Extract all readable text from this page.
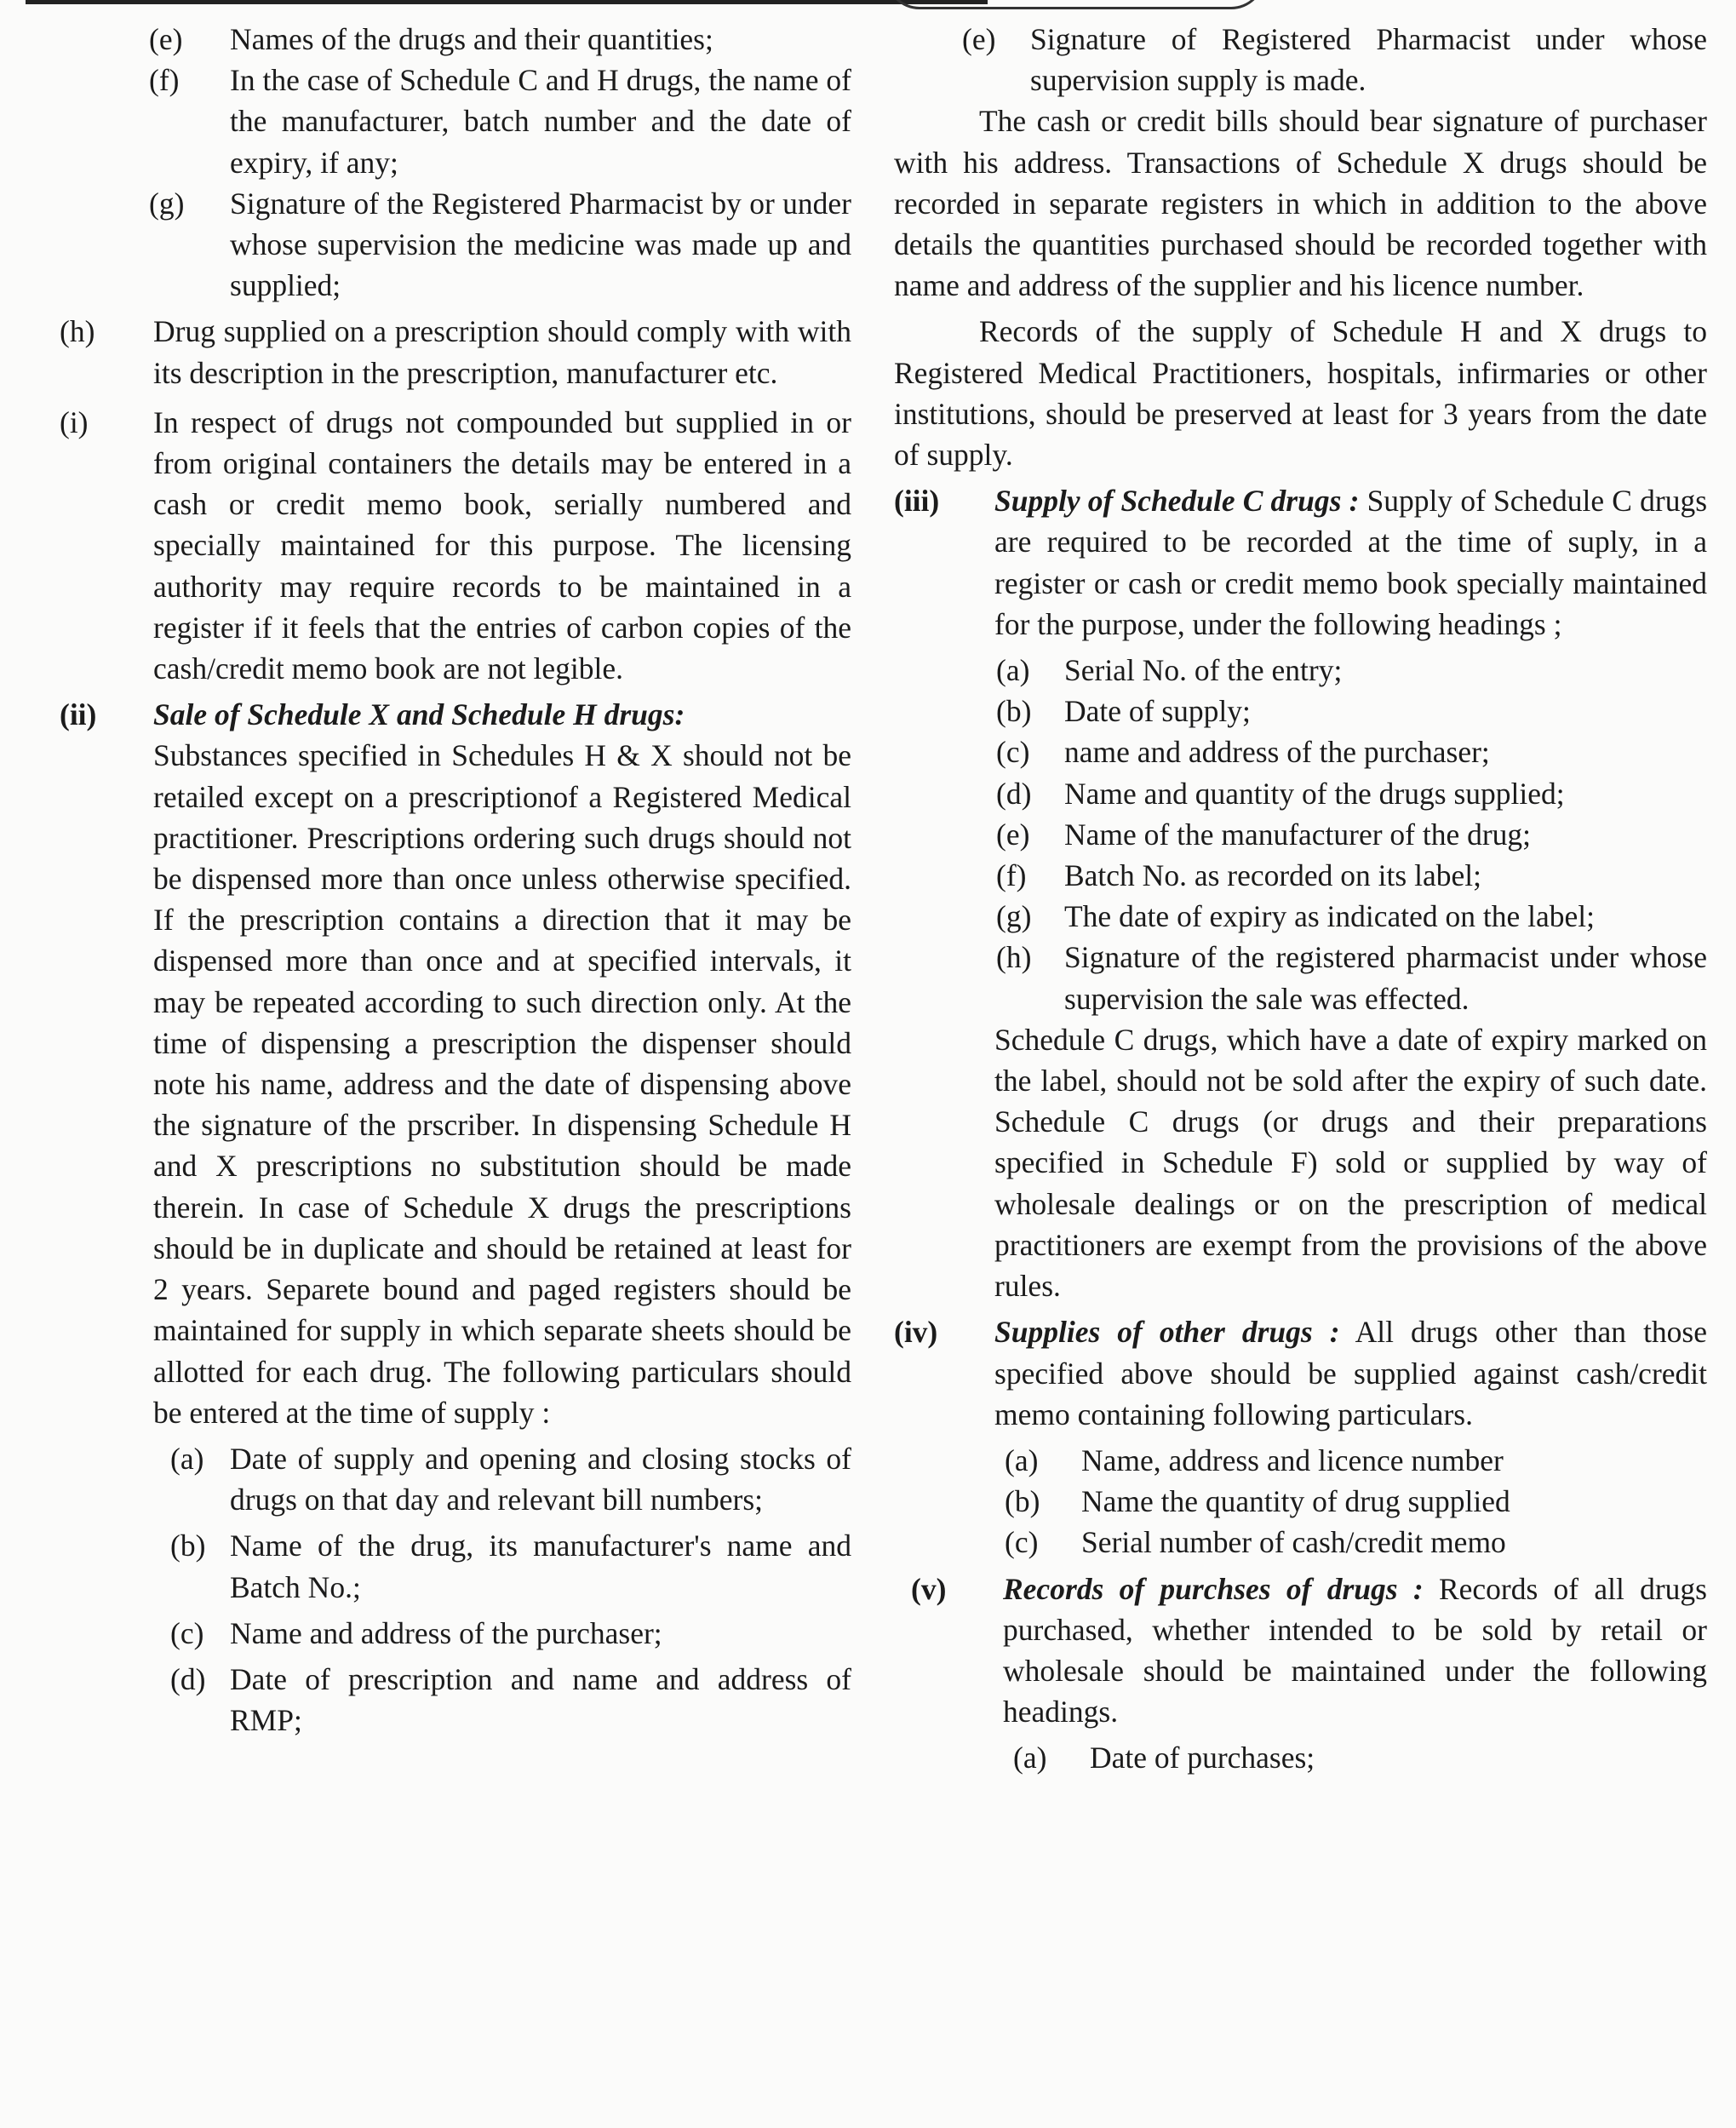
(e)	Names of the drugs and their quantities;
(f)	In the case of Schedule C and H drugs, the name of the manufacturer, batch number and the date of expiry, if any;
(g)	Signature of the Registered Pharmacist by or under whose supervision the medicine was made up and supplied;
(h)	Drug supplied on a prescription should comply with with its description in the prescription, manufacturer etc.
(i)	In respect of drugs not compounded but supplied in or from original containers the details may be entered in a cash or credit memo book, serially numbered and specially maintained for this purpose. The licensing authority may require records to be maintained in a register if it feels that the entries of carbon copies of the cash/credit memo book are not legible.
(ii)	Sale of Schedule X and Schedule H drugs:
Substances specified in Schedules H & X should not be retailed except on a prescriptionof a Registered Medical practitioner. Prescriptions ordering such drugs should not be dispensed more than once unless otherwise specified. If the prescription contains a direction that it may be dispensed more than once and at specified intervals, it may be repeated according to such direction only. At the time of dispensing a prescription the dispenser should note his name, address and the date of dispensing above the signature of the prscriber. In dispensing Schedule H and X prescriptions no substitution should be made therein. In case of Schedule X drugs the prescriptions should be in duplicate and should be retained at least for 2 years. Separete bound and paged registers should be maintained for supply in which separate sheets should be allotted for each drug. The following particulars should be entered at the time of supply :
(a) Date of supply and opening and closing stocks of drugs on that day and relevant bill numbers;
(b) Name of the drug, its manufacturer's name and Batch No.;
(c) Name and address of the purchaser;
(d) Date of prescription and name and address of RMP;
(e)	Signature of Registered Pharmacist under whose supervision supply is made.
The cash or credit bills should bear signature of purchaser with his address. Transactions of Schedule X drugs should be recorded in separate registers in which in addition to the above details the quantities purchased should be recorded together with name and address of the supplier and his licence number.
Records of the supply of Schedule H and X drugs to Registered Medical Practitioners, hospitals, infirmaries or other institutions, should be preserved at least for 3 years from the date of supply.
(iii)	Supply of Schedule C drugs : Supply of Schedule C drugs are required to be recorded at the time of suply, in a register or cash or credit memo book specially maintained for the purpose, under the following headings ;
(a)	Serial No. of the entry;
(b)	Date of supply;
(c)	name and address of the purchaser;
(d)	Name and quantity of the drugs supplied;
(e)	Name of the manufacturer of the drug;
(f)	Batch No. as recorded on its label;
(g)	The date of expiry as indicated on the label;
(h)	Signature of the registered pharmacist under whose supervision the sale was effected.
Schedule C drugs, which have a date of expiry marked on the label, should not be sold after the expiry of such date. Schedule C drugs (or drugs and their preparations specified in Schedule F) sold or supplied by way of wholesale dealings or on the prescription of medical practitioners are exempt from the provisions of the above rules.
(iv)	Supplies of other drugs : All drugs other than those specified above should be supplied against cash/credit memo containing following particulars.
(a)	Name, address and licence number
(b)	Name the quantity of drug supplied
(c)	Serial number of cash/credit memo
(v)	Records of purchses of drugs : Records of all drugs purchased, whether intended to be sold by retail or wholesale should be maintained under the following headings.
(a)	Date of purchases;
